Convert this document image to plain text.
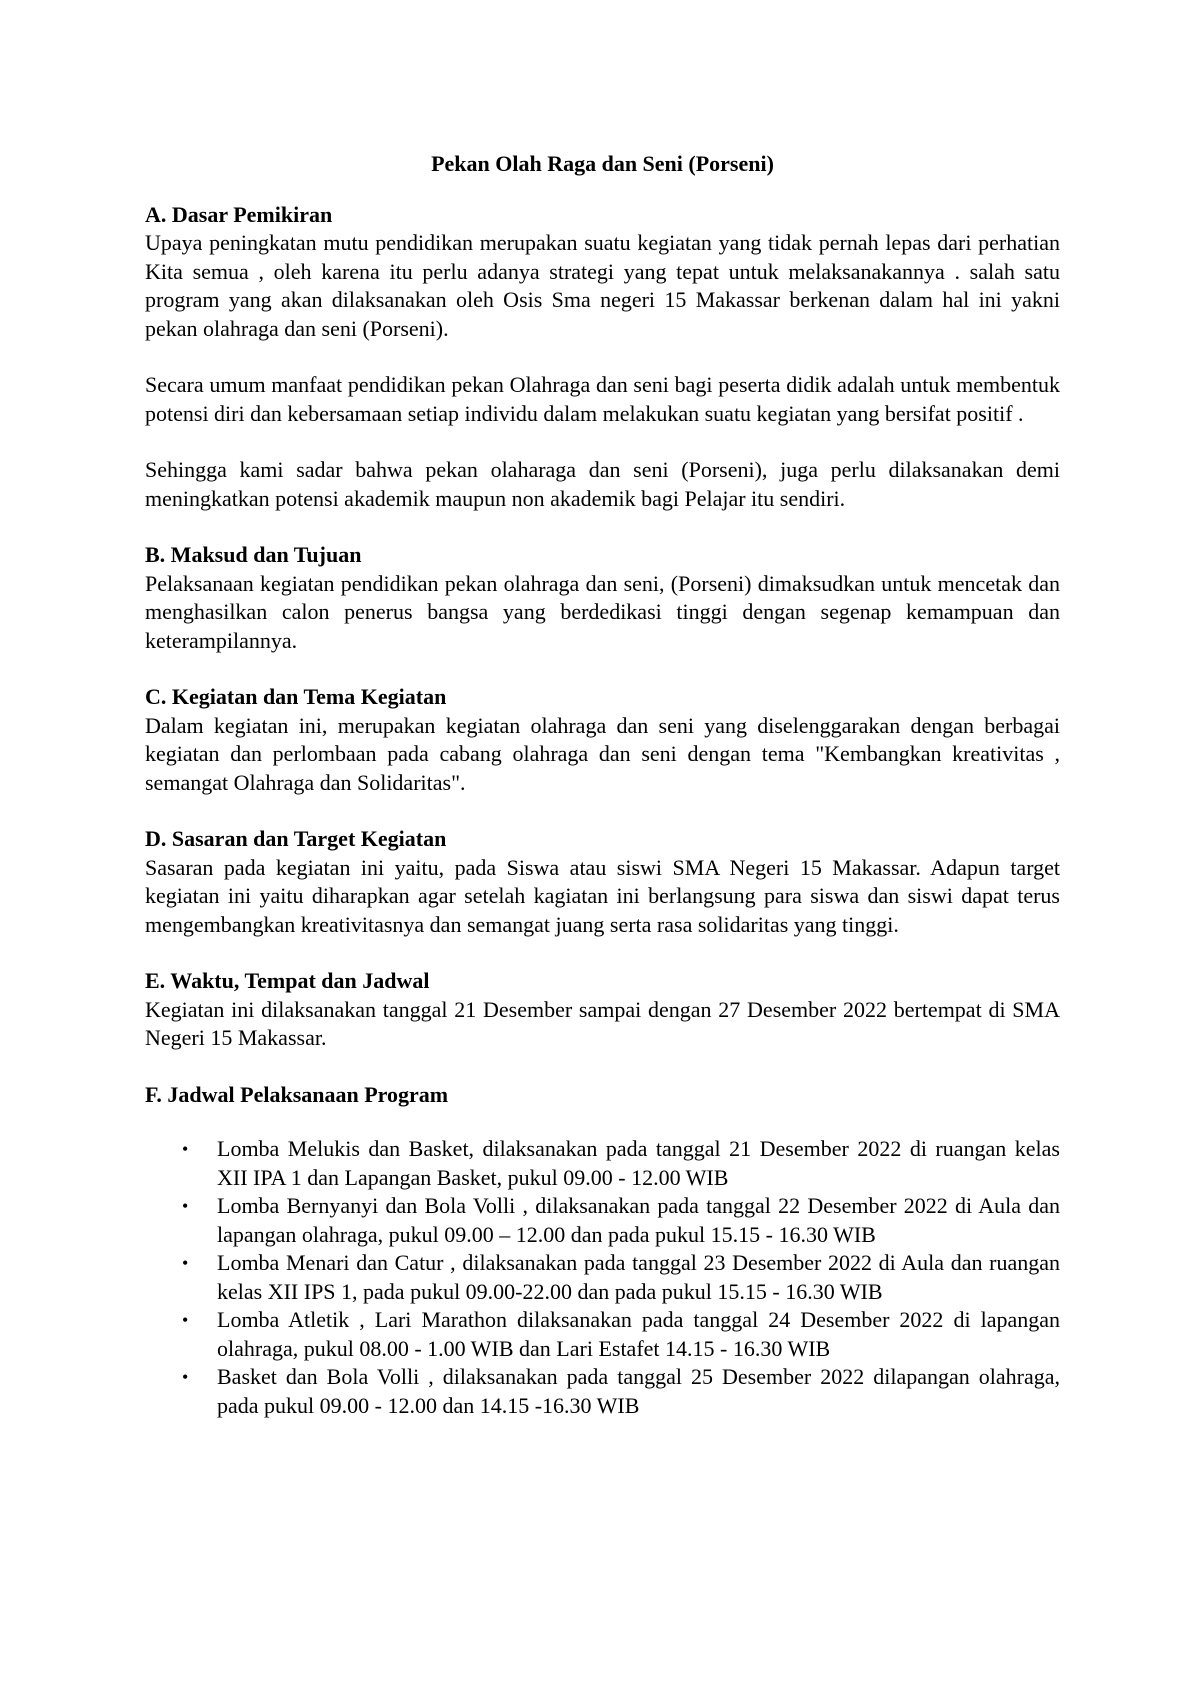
Pekan Olah Raga dan Seni (Porseni)

A. Dasar Pemikiran

Upaya peningkatan mutu pendidikan merupakan suatu kegiatan yang tidak pernah lepas dari perhatian Kita semua , oleh karena itu perlu adanya strategi yang tepat untuk melaksanakannya . salah satu program yang akan dilaksanakan oleh Osis Sma negeri 15 Makassar berkenan dalam hal ini yakni pekan olahraga dan seni (Porseni).

Secara umum manfaat pendidikan pekan Olahraga dan seni bagi peserta didik adalah untuk membentuk potensi diri dan kebersamaan setiap individu dalam melakukan suatu kegiatan yang bersifat positif .

Sehingga kami sadar bahwa pekan olaharaga dan seni (Porseni), juga perlu dilaksanakan demi meningkatkan potensi akademik maupun non akademik bagi Pelajar itu sendiri.

B. Maksud dan Tujuan

Pelaksanaan kegiatan pendidikan pekan olahraga dan seni, (Porseni) dimaksudkan untuk mencetak dan menghasilkan calon penerus bangsa yang berdedikasi tinggi dengan segenap kemampuan dan keterampilannya.

C. Kegiatan dan Tema Kegiatan

Dalam kegiatan ini, merupakan kegiatan olahraga dan seni yang diselenggarakan dengan berbagai kegiatan dan perlombaan pada cabang olahraga dan seni dengan tema "Kembangkan kreativitas , semangat Olahraga dan Solidaritas".

D. Sasaran dan Target Kegiatan

Sasaran pada kegiatan ini yaitu, pada Siswa atau siswi SMA Negeri 15 Makassar. Adapun target kegiatan ini yaitu diharapkan agar setelah kagiatan ini berlangsung para siswa dan siswi dapat terus mengembangkan kreativitasnya dan semangat juang serta rasa solidaritas yang tinggi.

E. Waktu, Tempat dan Jadwal

Kegiatan ini dilaksanakan tanggal 21 Desember sampai dengan 27 Desember 2022 bertempat di SMA Negeri 15 Makassar.

F. Jadwal Pelaksanaan Program

• Lomba Melukis dan Basket, dilaksanakan pada tanggal 21 Desember 2022 di ruangan kelas XII IPA 1 dan Lapangan Basket, pukul 09.00 - 12.00 WIB
• Lomba Bernyanyi dan Bola Volli , dilaksanakan pada tanggal 22 Desember 2022 di Aula dan lapangan olahraga, pukul 09.00 – 12.00 dan pada pukul 15.15 - 16.30 WIB
• Lomba Menari dan Catur , dilaksanakan pada tanggal 23 Desember 2022 di Aula dan ruangan kelas XII IPS 1, pada pukul 09.00-22.00 dan pada pukul 15.15 - 16.30 WIB
• Lomba Atletik , Lari Marathon dilaksanakan pada tanggal 24 Desember 2022 di lapangan olahraga, pukul 08.00 - 1.00 WIB dan Lari Estafet 14.15 - 16.30 WIB
• Basket dan Bola Volli , dilaksanakan pada tanggal 25 Desember 2022 dilapangan olahraga, pada pukul 09.00 - 12.00 dan 14.15 -16.30 WIB
